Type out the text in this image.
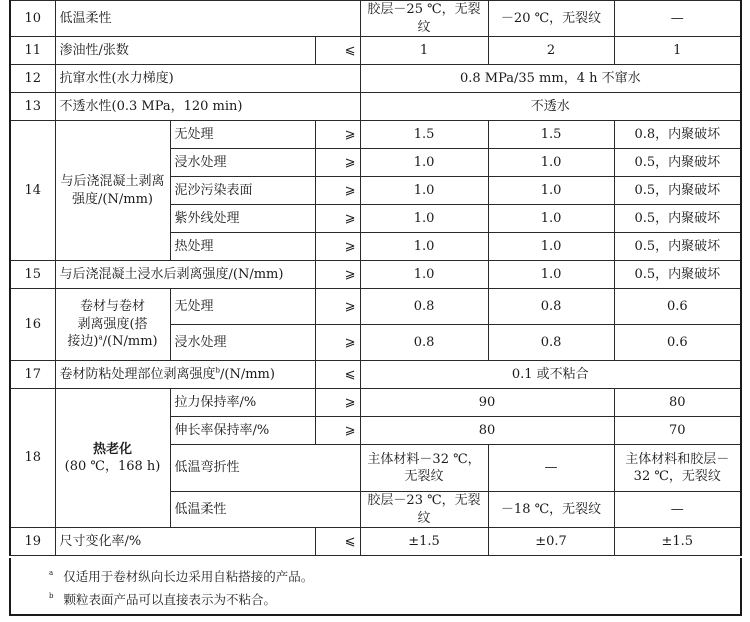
10	低温柔性			胶层－25 ℃，无裂纹	－20 ℃，无裂纹	—
11	渗油性/张数		⩽	1	2	1
12	抗窜水性(水力梯度)			0.8 MPa/35 mm，4 h 不窜水		
13	不透水性(0.3 MPa，120 min)			不透水		
14	与后浇混凝土剥离强度/(N/mm)	无处理	⩾	1.5	1.5	0.8，内聚破坏
		浸水处理	⩾	1.0	1.0	0.5，内聚破坏
		泥沙污染表面	⩾	1.0	1.0	0.5，内聚破坏
		紫外线处理	⩾	1.0	1.0	0.5，内聚破坏
		热处理	⩾	1.0	1.0	0.5，内聚破坏
15	与后浇混凝土浸水后剥离强度/(N/mm)		⩾	1.0	1.0	0.5，内聚破坏
16	卷材与卷材
剥离强度(搭
接边)$^a$/(N/mm)	无处理	⩾	0.8	0.8	0.6
		浸水处理	⩾	0.8	0.8	0.6
17	卷材防粘处理部位剥离强度$^b$/(N/mm)		⩽	0.1 或不粘合		
18	热老化
(80 ℃，168 h)	拉力保持率/%	⩾	90		80
		伸长率保持率/%	⩾	80		70
		低温弯折性		主体材料－32 ℃，无裂纹	—	主体材料和胶层－32 ℃，无裂纹
		低温柔性		胶层－23 ℃，无裂纹	－18 ℃，无裂纹	—
19	尺寸变化率/%		⩽	±1.5	±0.7	±1.5
$^a$ 仅适用于卷材纵向长边采用自粘搭接的产品。
$^b$ 颗粒表面产品可以直接表示为不粘合。
